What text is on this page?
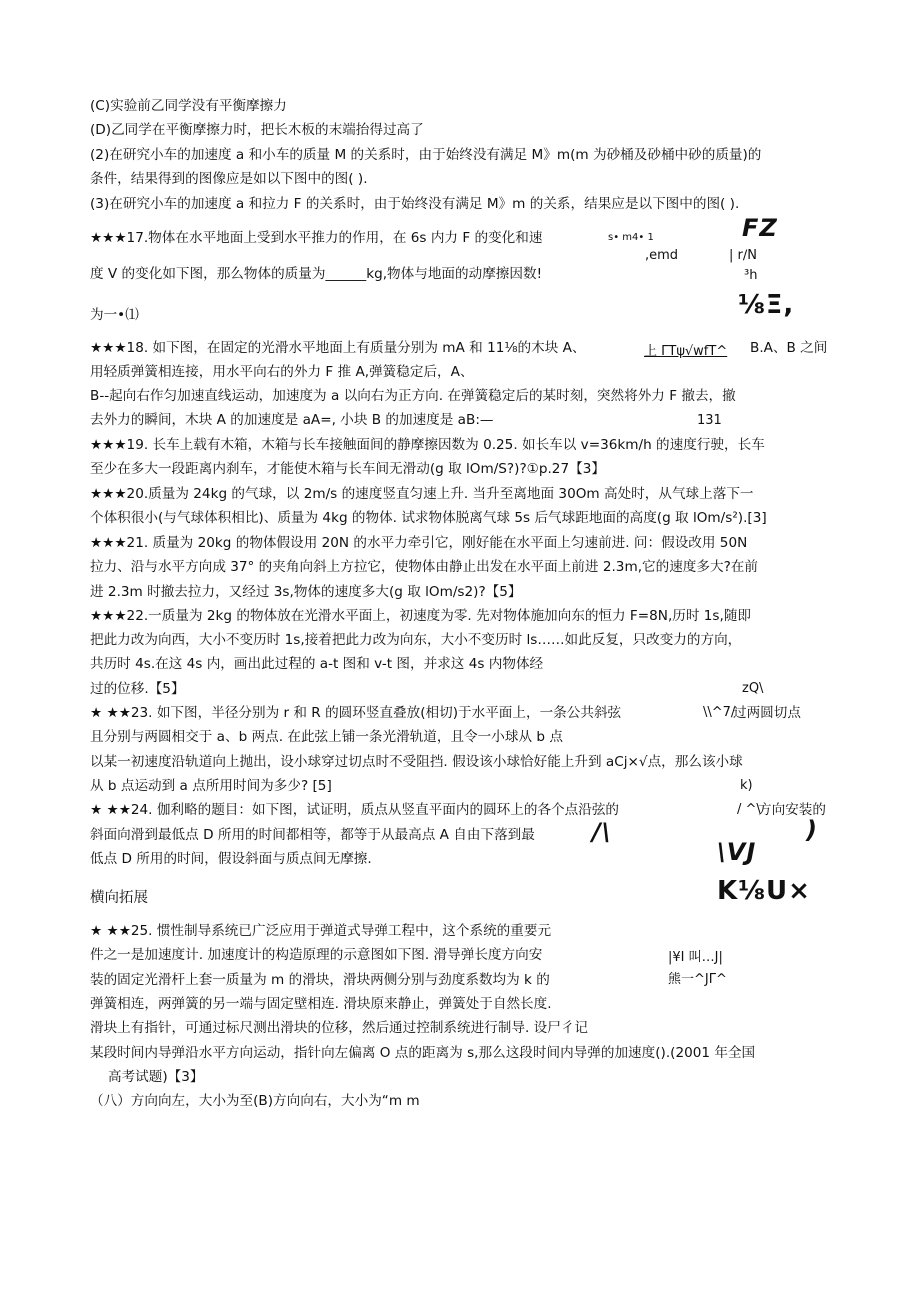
(C)实验前乙同学没有平衡摩擦力
(D)乙同学在平衡摩擦力时，把长木板的末端抬得过高了
(2)在研究小车的加速度 a 和小车的质量 M 的关系时，由于始终没有满足 M》m(m 为砂桶及砂桶中砂的质量)的
条件，结果得到的图像应是如以下图中的图( ).
(3)在研究小车的加速度 a 和拉力 F 的关系时，由于始终没有满足 M》m 的关系，结果应是以下图中的图( ).
★★★17.物体在水平地面上受到水平推力的作用，在 6s 内力 F 的变化和速
度 V 的变化如下图，那么物体的质量为______kg,物体与地面的动摩擦因数!
为一•⑴
★★★18. 如下图，在固定的光滑水平地面上有质量分别为 mA 和 11⅛的木块 A、	B.A、B 之间
用轻质弹簧相连接，用水平向右的外力 F 推 A,弹簧稳定后，A、
B--起向右作匀加速直线运动，加速度为 a 以向右为正方向. 在弹簧稳定后的某时刻，突然将外力 F 撤去，撤
去外力的瞬间，木块 A 的加速度是 aA=, 小块 B 的加速度是 aB:—
★★★19. 长车上载有木箱，木箱与长车接触面间的静摩擦因数为 0.25. 如长车以 v=36km∕h 的速度行驶，长车
至少在多大一段距离内刹车，才能使木箱与长车间无滑动(g 取 lOm/S?)?①p.27【3】
★★★20.质量为 24kg 的气球，以 2m∕s 的速度竖直匀速上升. 当升至离地面 30Om 高处时，从气球上落下一
个体积很小(与气球体积相比)、质量为 4kg 的物体. 试求物体脱离气球 5s 后气球距地面的高度(g 取 lOm/s²).[3]
★★★21. 质量为 20kg 的物体假设用 20N 的水平力牵引它，刚好能在水平面上匀速前进. 问：假设改用 50N
拉力、沿与水平方向成 37° 的夹角向斜上方拉它，使物体由静止出发在水平面上前进 2.3m,它的速度多大?在前
进 2.3m 时撤去拉力，又经过 3s,物体的速度多大(g 取 lOm∕s2)?【5】
★★★22.一质量为 2kg 的物体放在光滑水平面上，初速度为零. 先对物体施加向东的恒力 F=8N,历时 1s,随即
把此力改为向西，大小不变历时 1s,接着把此力改为向东，大小不变历时 ls……如此反复，只改变力的方向，
共历时 4s.在这 4s 内，画出此过程的 a-t 图和 v-t 图，并求这 4s 内物体经
过的位移.【5】
★ ★★23. 如下图，半径分别为 r 和 R 的圆环竖直叠放(相切)于水平面上，一条公共斜弦	过两圆切点
且分别与两圆相交于 a、b 两点. 在此弦上铺一条光滑轨道，且令一小球从 b 点
以某一初速度沿轨道向上抛出，设小球穿过切点时不受阻挡. 假设该小球恰好能上升到 aCj×√点，那么该小球
从 b 点运动到 a 点所用时间为多少? [5]
★ ★★24. 伽利略的题目：如下图，试证明，质点从竖直平面内的圆环上的各个点沿弦的	方向安装的
斜面向滑到最低点 D 所用的时间都相等，都等于从最高点 A 自由下落到最
低点 D 所用的时间，假设斜面与质点间无摩擦.
横向拓展
★ ★★25. 惯性制导系统已广泛应用于弹道式导弹工程中，这个系统的重要元
件之一是加速度计. 加速度计的构造原理的示意图如下图. 滑导弹长度方向安
装的固定光滑杆上套一质量为 m 的滑块，滑块两侧分别与劲度系数均为 k 的
弹簧相连，两弹簧的另一端与固定壁相连. 滑块原来静止，弹簧处于自然长度.
滑块上有指针，可通过标尺测出滑块的位移，然后通过控制系统进行制导. 设尸彳记
某段时间内导弹沿水平方向运动，指针向左偏离 O 点的距离为 s,那么这段时间内导弹的加速度().(2001 年全国
高考试题)【3】
（八）方向向左，大小为至(B)方向向右，大小为“m m
s• m4• 1
,emd
FZ
| r∕N
³h
⅛Ξ,
上 ΓTψ√wfT^
131
zQ\
\\^7∕
k)
/ ^\
/\	)
\VJ
K⅛U×
|¥I 叫…J|
熊一^JΓ^
